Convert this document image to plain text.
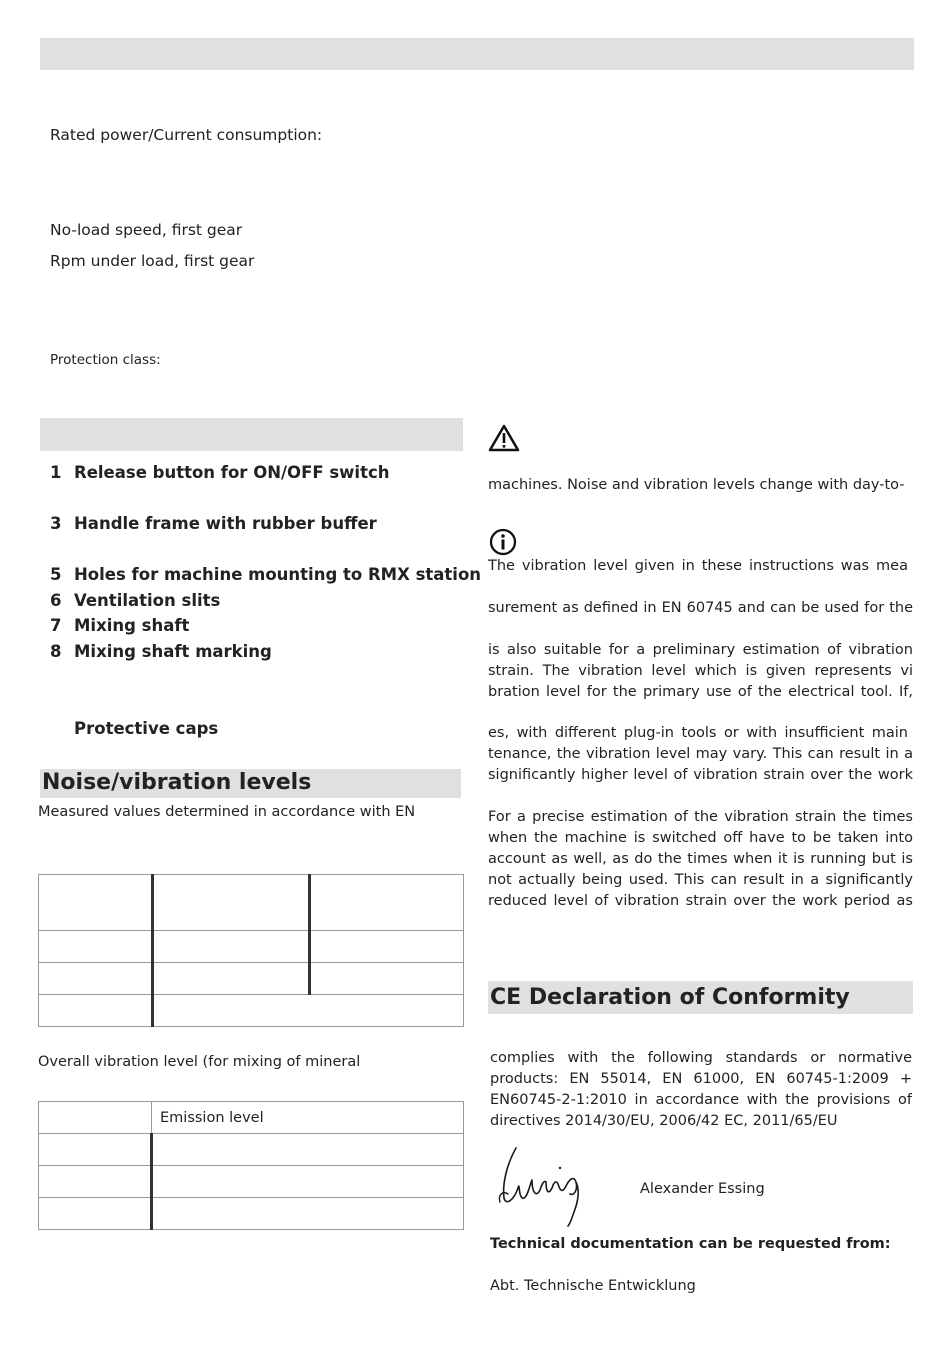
Rated power/Current consumption:
No-load speed, first gear
Rpm under load, first gear
Protection class:
1 Release button for ON/OFF switch
3 Handle frame with rubber buffer
5 Holes for machine mounting to RMX station
6 Ventilation slits
7 Mixing shaft
8 Mixing shaft marking
Protective caps
Noise/vibration levels
Measured values determined in accordance with EN

Overall vibration level (for mixing of mineral
	Emission level

machines. Noise and vibration levels change with day-to-
The vibration level given in these instructions was mea
surement as defined in EN 60745 and can be used for the
is also suitable for a preliminary estimation of vibration
strain. The vibration level which is given represents vi
bration level for the primary use of the electrical tool. If,
es, with different plug-in tools or with insufficient main
tenance, the vibration level may vary. This can result in a
significantly higher level of vibration strain over the work
For a precise estimation of the vibration strain the times
when the machine is switched off have to be taken into
account as well, as do the times when it is running but is
not actually being used. This can result in a significantly
reduced level of vibration strain over the work period as
CE Declaration of Conformity
complies with the following standards or normative
products: EN 55014, EN 61000, EN 60745-1:2009 +
EN60745-2-1:2010 in accordance with the provisions of
directives 2014/30/EU, 2006/42 EC, 2011/65/EU
Alexander Essing
Technical documentation can be requested from:
Abt. Technische Entwicklung
